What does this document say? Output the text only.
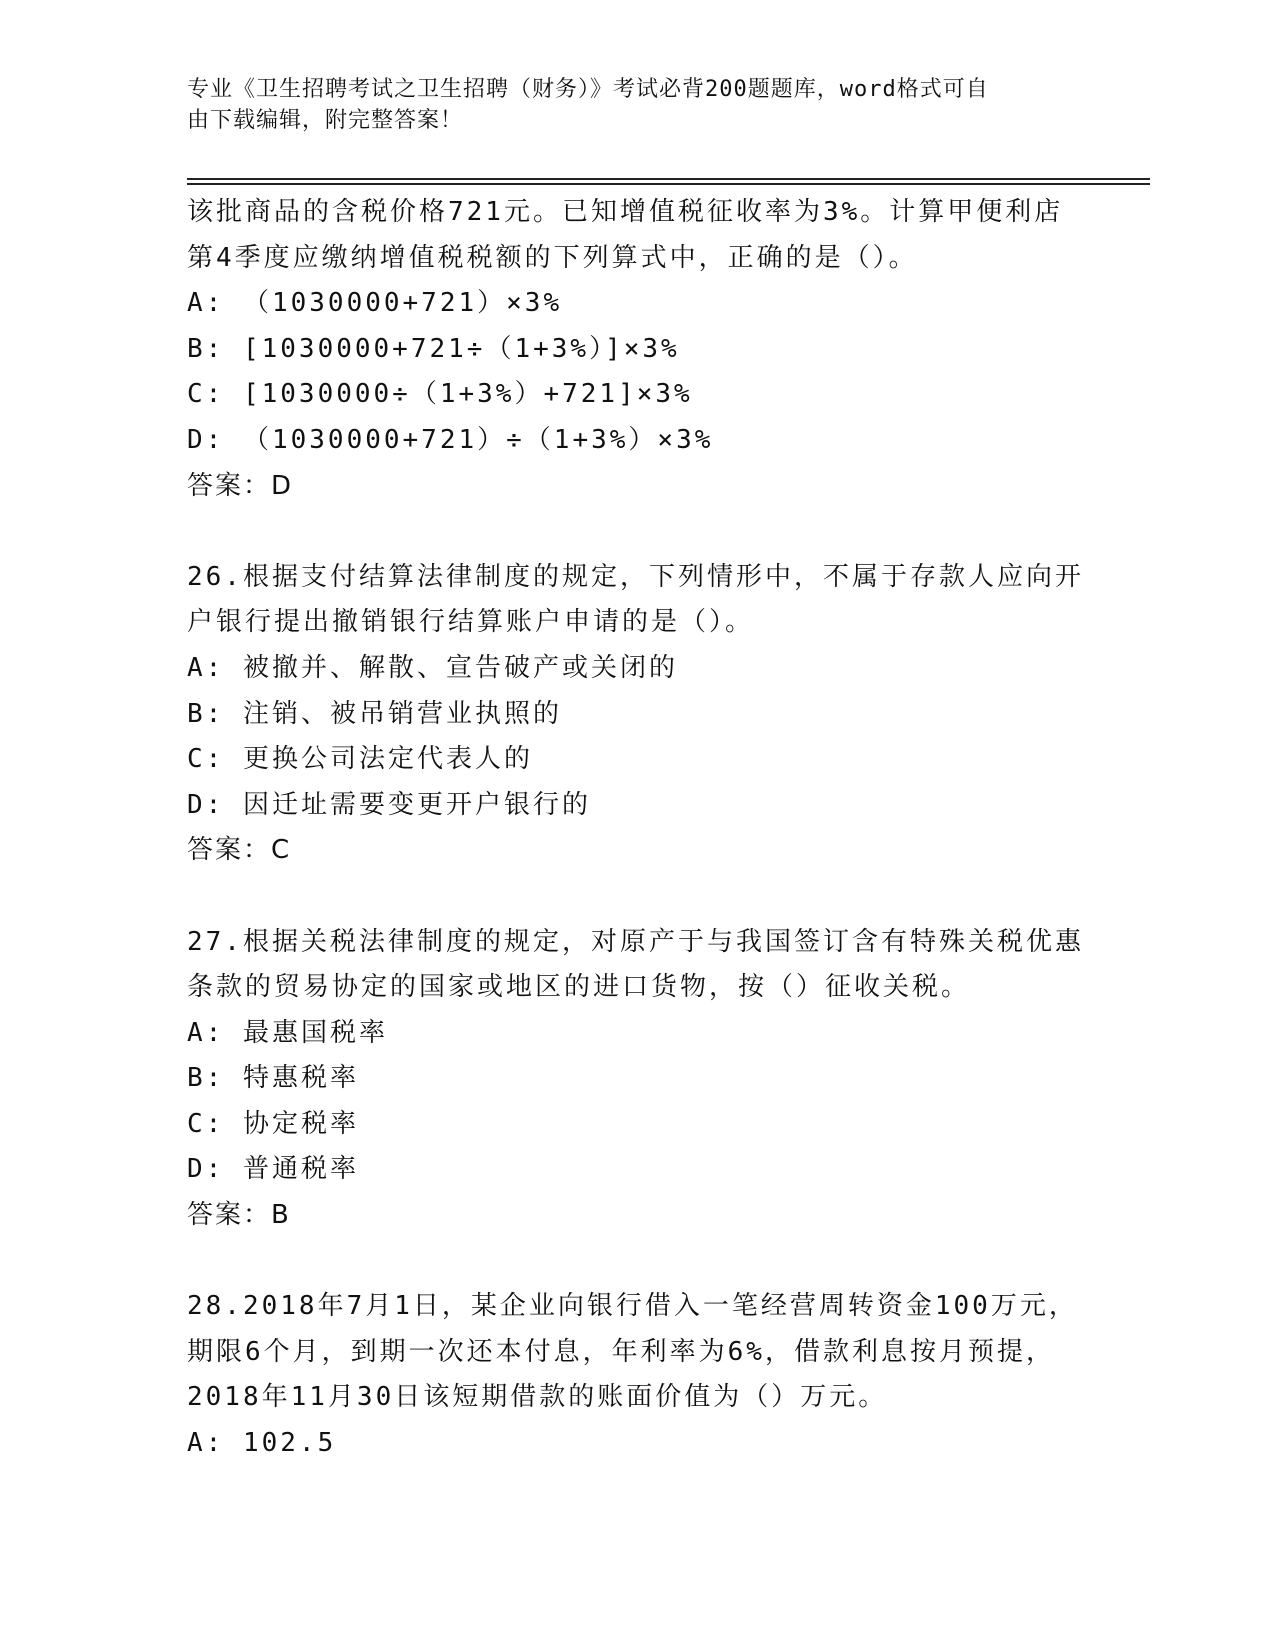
专业《卫生招聘考试之卫生招聘（财务）》考试必背200题题库，word格式可自
由下载编辑，附完整答案！
该批商品的含税价格721元。已知增值税征收率为3%。计算甲便利店
第4季度应缴纳增值税税额的下列算式中，正确的是（）。
A: （1030000+721）×3%
B: [1030000+721÷（1+3%）]×3%
C: [1030000÷（1+3%）+721]×3%
D: （1030000+721）÷（1+3%）×3%
答案：D
26.根据支付结算法律制度的规定，下列情形中，不属于存款人应向开
户银行提出撤销银行结算账户申请的是（）。
A: 被撤并、解散、宣告破产或关闭的
B: 注销、被吊销营业执照的
C: 更换公司法定代表人的
D: 因迁址需要变更开户银行的
答案：C
27.根据关税法律制度的规定，对原产于与我国签订含有特殊关税优惠
条款的贸易协定的国家或地区的进口货物，按（）征收关税。
A: 最惠国税率
B: 特惠税率
C: 协定税率
D: 普通税率
答案：B
28.2018年7月1日，某企业向银行借入一笔经营周转资金100万元，
期限6个月，到期一次还本付息，年利率为6%，借款利息按月预提，
2018年11月30日该短期借款的账面价值为（）万元。
A: 102.5
